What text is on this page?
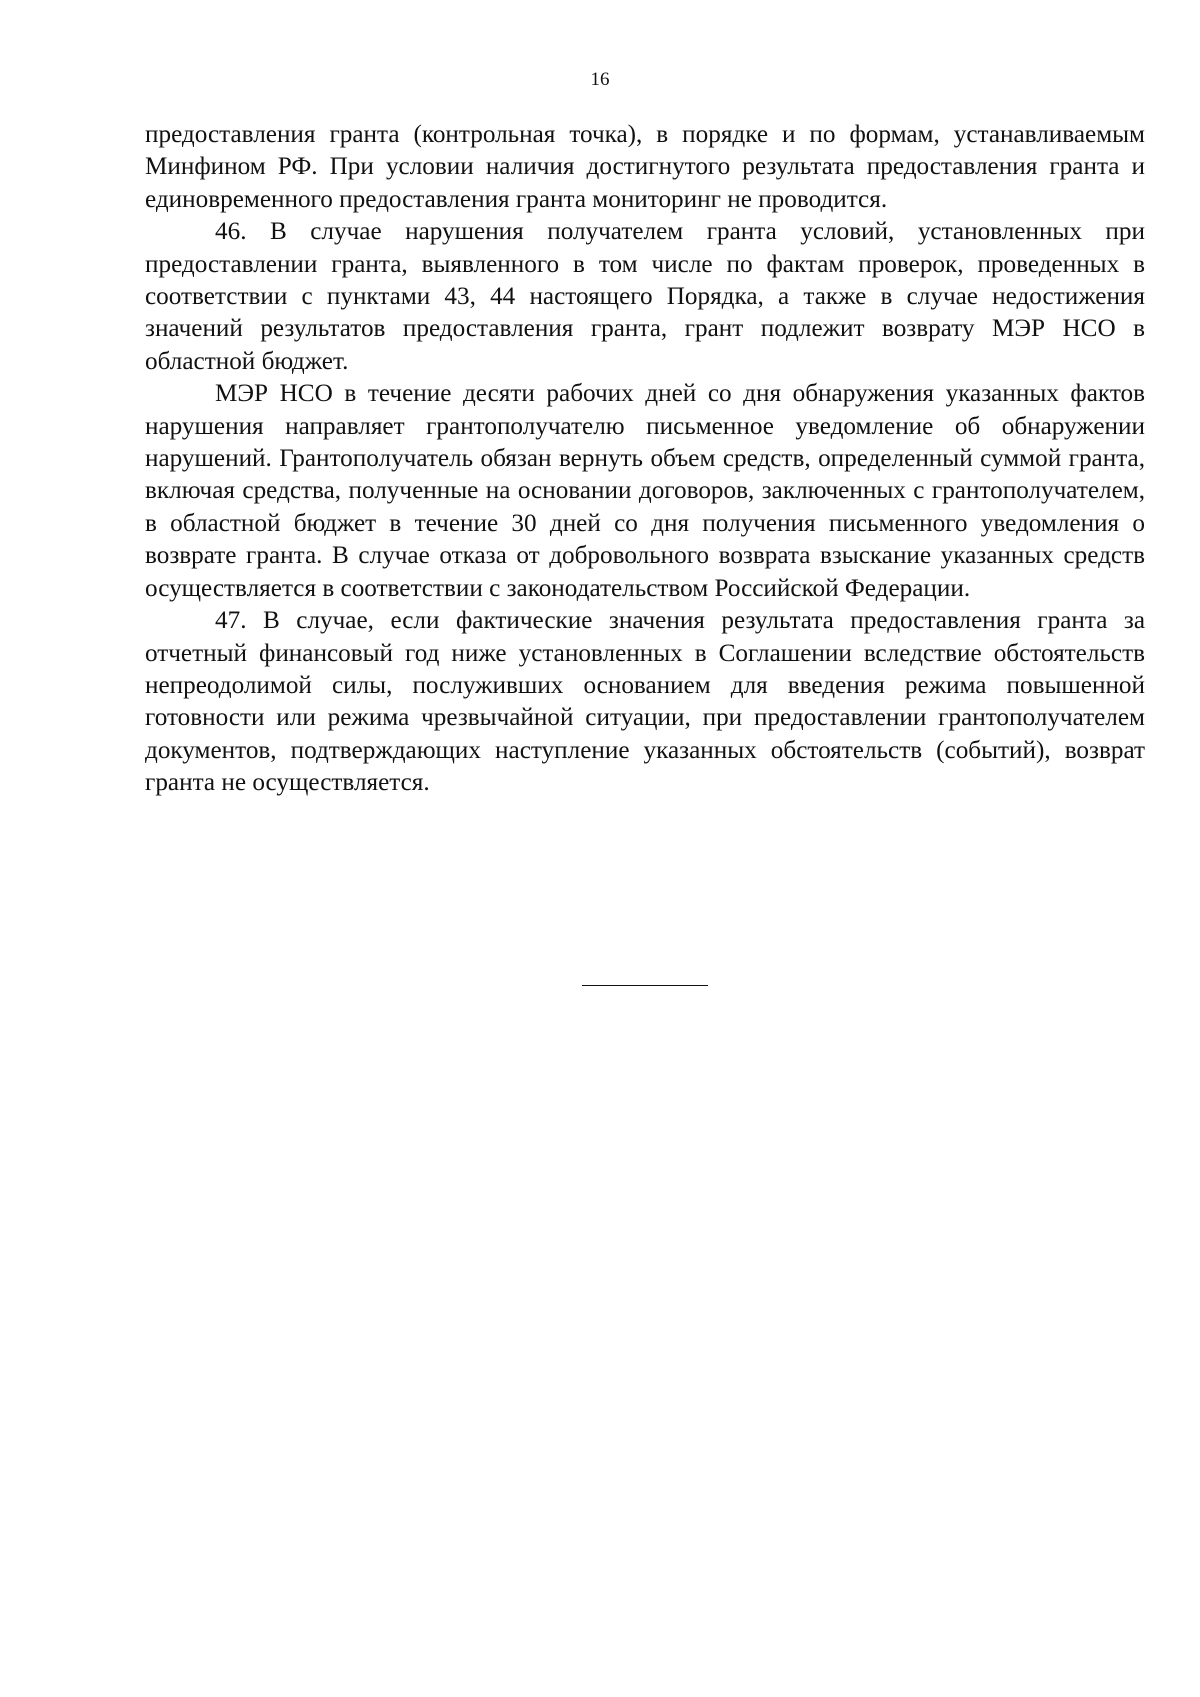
16

предоставления гранта (контрольная точка), в порядке и по формам, устанавливаемым Минфином РФ. При условии наличия достигнутого результата предоставления гранта и единовременного предоставления гранта мониторинг не проводится.

46. В случае нарушения получателем гранта условий, установленных при предоставлении гранта, выявленного в том числе по фактам проверок, проведенных в соответствии с пунктами 43, 44 настоящего Порядка, а также в случае недостижения значений результатов предоставления гранта, грант подлежит возврату МЭР НСО в областной бюджет.

МЭР НСО в течение десяти рабочих дней со дня обнаружения указанных фактов нарушения направляет грантополучателю письменное уведомление об обнаружении нарушений. Грантополучатель обязан вернуть объем средств, определенный суммой гранта, включая средства, полученные на основании договоров, заключенных с грантополучателем, в областной бюджет в течение 30 дней со дня получения письменного уведомления о возврате гранта. В случае отказа от добровольного возврата взыскание указанных средств осуществляется в соответствии с законодательством Российской Федерации.

47. В случае, если фактические значения результата предоставления гранта за отчетный финансовый год ниже установленных в Соглашении вследствие обстоятельств непреодолимой силы, послуживших основанием для введения режима повышенной готовности или режима чрезвычайной ситуации, при предоставлении грантополучателем документов, подтверждающих наступление указанных обстоятельств (событий), возврат гранта не осуществляется.
